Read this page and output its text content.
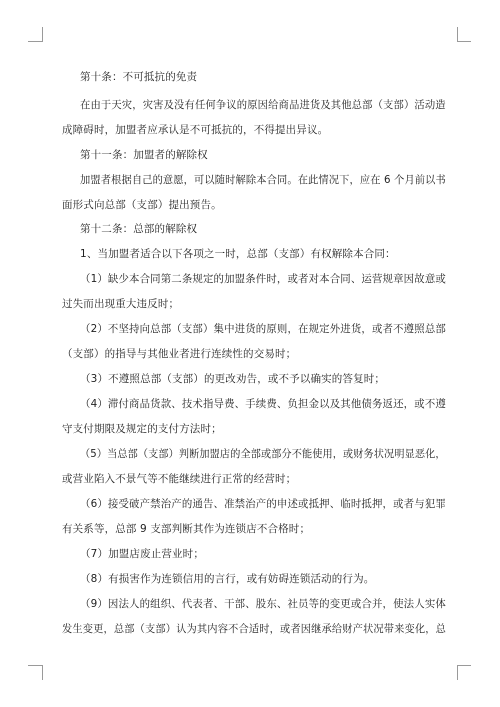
第十条：不可抵抗的免责
在由于天灾，灾害及没有任何争议的原因给商品进货及其他总部（支部）活动造
成障碍时，加盟者应承认是不可抵抗的，不得提出异议。
第十一条：加盟者的解除权
加盟者根据自己的意愿，可以随时解除本合同。在此情况下，应在 6 个月前以书
面形式向总部（支部）提出预告。
第十二条：总部的解除权
1、当加盟者适合以下各项之一时，总部（支部）有权解除本合同：
（1）缺少本合同第二条规定的加盟条件时，或者对本合同、运营规章因故意或
过失而出现重大违反时；
（2）不坚持向总部（支部）集中进货的原则，在规定外进货，或者不遵照总部
（支部）的指导与其他业者进行连续性的交易时；
（3）不遵照总部（支部）的更改劝告，或不予以确实的答复时；
（4）滞付商品货款、技术指导费、手续费、负担金以及其他债务返还，或不遵
守支付期限及规定的支付方法时；
（5）当总部（支部）判断加盟店的全部或部分不能使用，或财务状况明显恶化，
或营业陷入不景气等不能继续进行正常的经营时；
（6）接受破产禁治产的通告、准禁治产的申述或抵押、临时抵押，或者与犯罪
有关系等，总部 9 支部判断其作为连锁店不合格时；
（7）加盟店废止营业时；
（8）有损害作为连锁信用的言行，或有妨碍连锁活动的行为。
（9）因法人的组织、代表者、干部、股东、社员等的变更或合并，使法人实体
发生变更，总部（支部）认为其内容不合适时，或者因继承给财产状况带来变化，总
